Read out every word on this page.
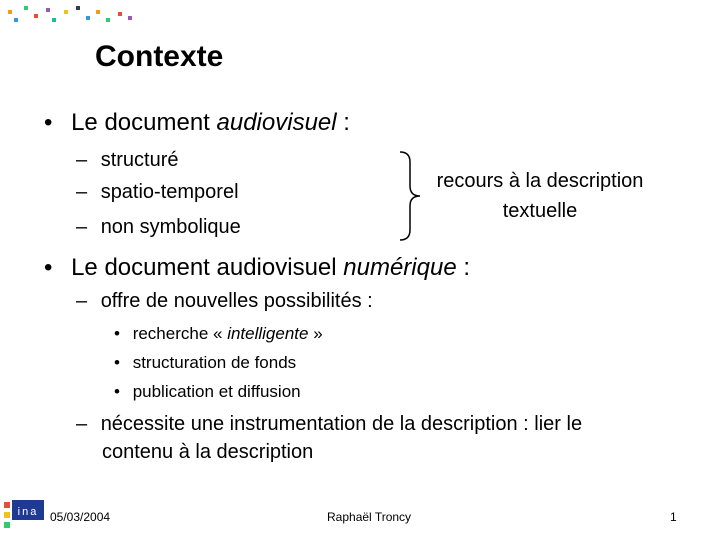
Contexte
• Le document audiovisuel :
– structuré
– spatio-temporel
– non symbolique
recours à la description textuelle
• Le document audiovisuel numérique :
– offre de nouvelles possibilités :
• recherche « intelligente »
• structuration de fonds
• publication et diffusion
– nécessite une instrumentation de la description : lier le
contenu à la description
ina 05/03/2004	Raphaël Troncy	1
